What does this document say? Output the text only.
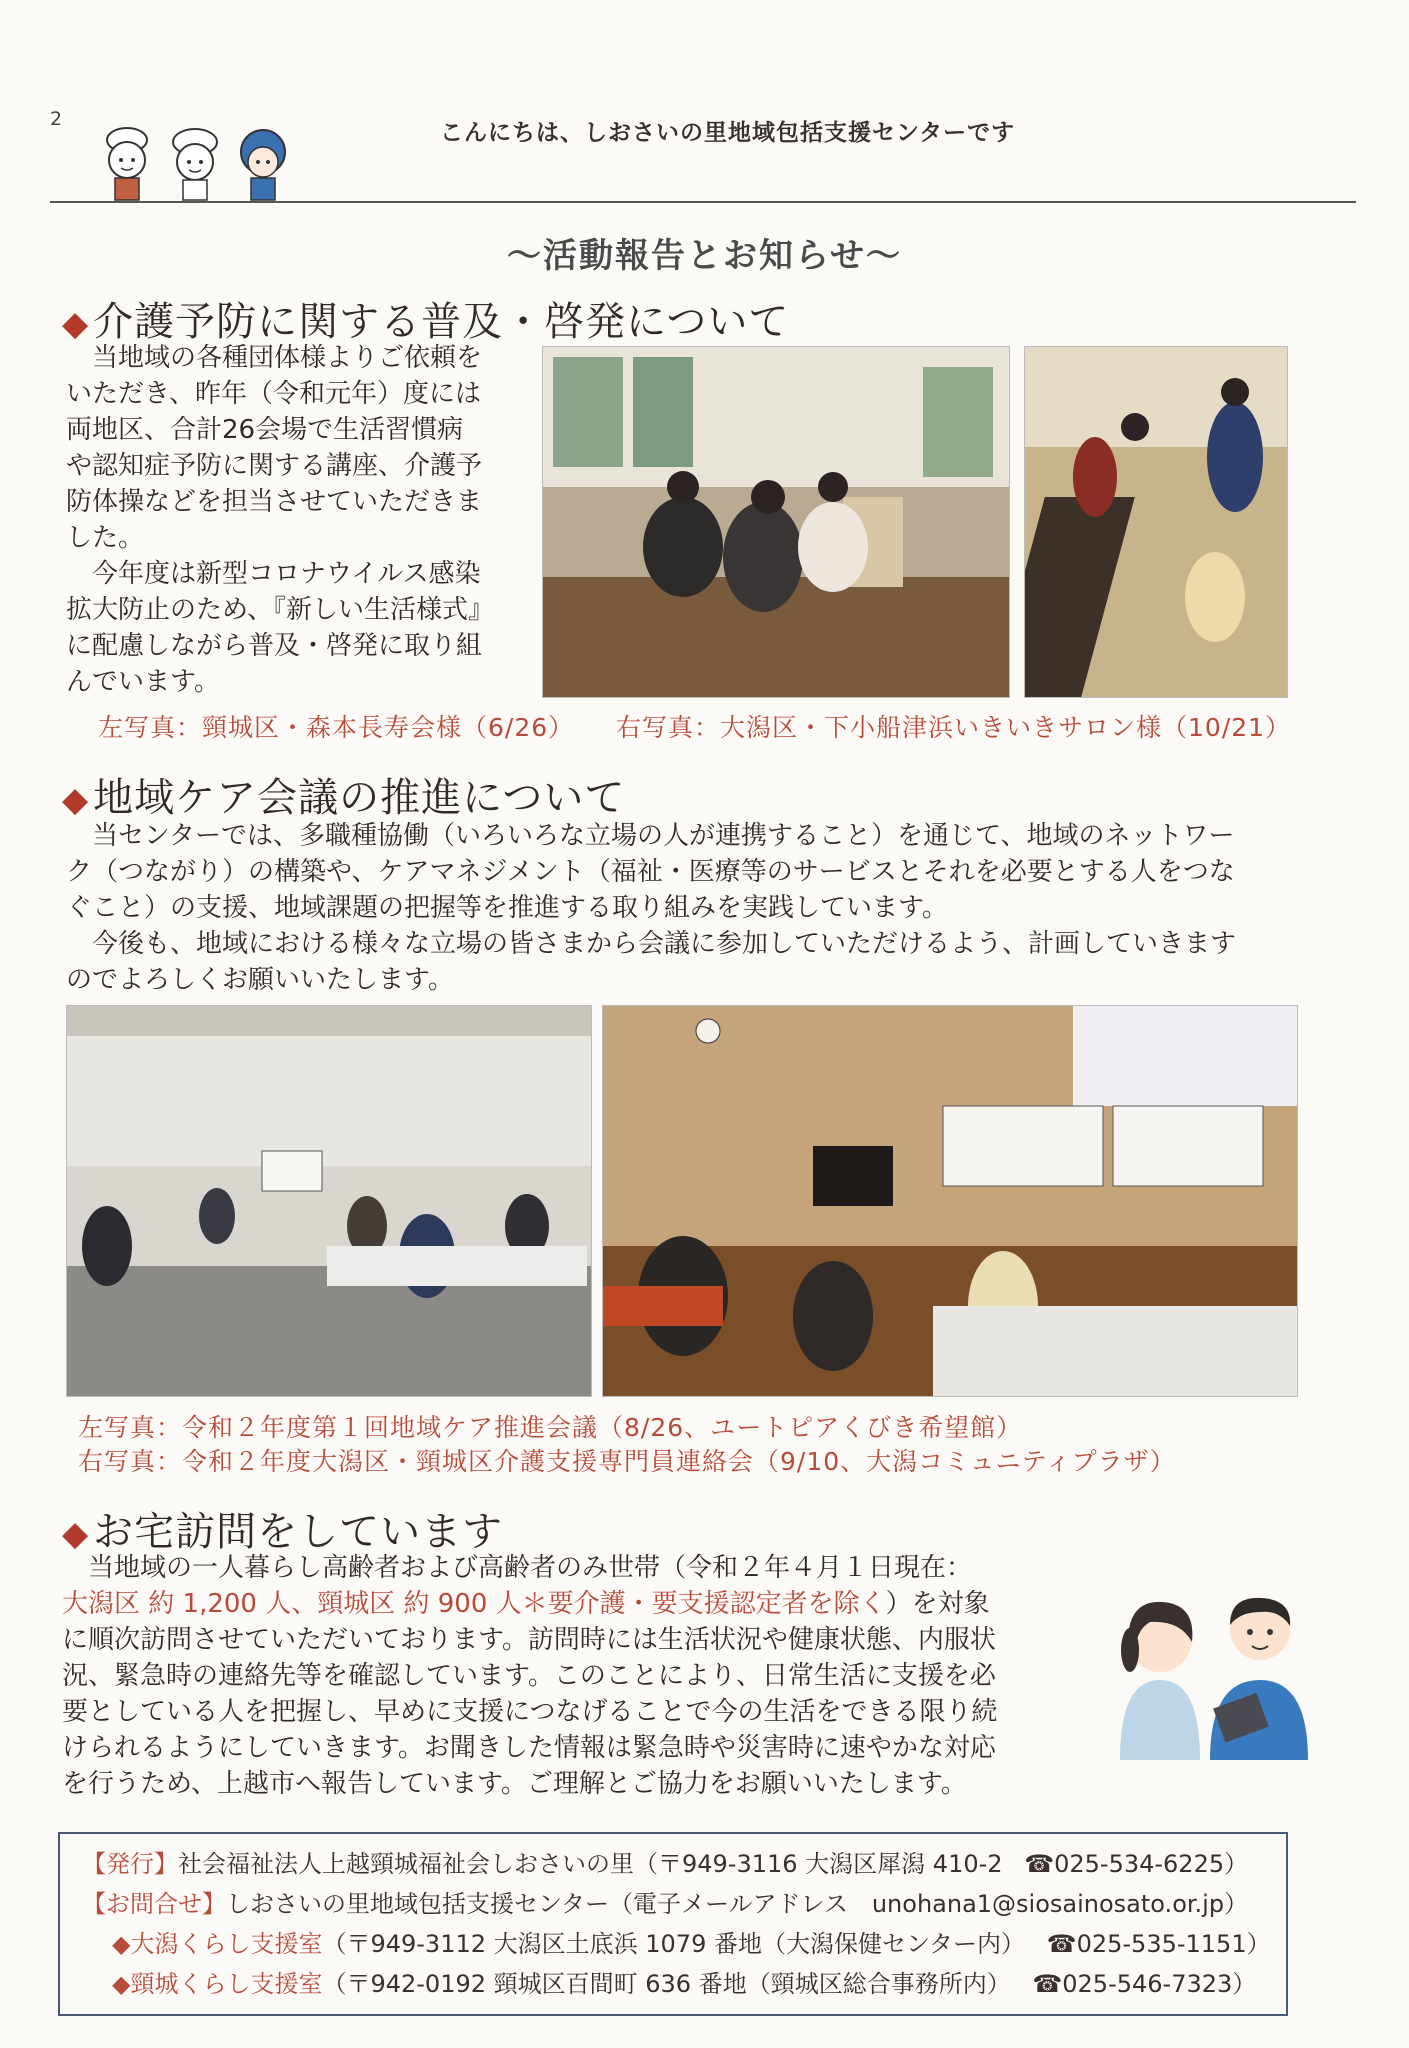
2
こんにちは、しおさいの里地域包括支援センターです
～活動報告とお知らせ～
◆ 介護予防に関する普及・啓発について
当地域の各種団体様よりご依頼を
いただき、昨年（令和元年）度には
両地区、合計26会場で生活習慣病
や認知症予防に関する講座、介護予
防体操などを担当させていただきま
した。
今年度は新型コロナウイルス感染
拡大防止のため、『新しい生活様式』
に配慮しながら普及・啓発に取り組
んでいます。
左写真：頸城区・森本長寿会様（6/26） 右写真：大潟区・下小船津浜いきいきサロン様（10/21）
◆ 地域ケア会議の推進について
当センターでは、多職種協働（いろいろな立場の人が連携すること）を通じて、地域のネットワー
ク（つながり）の構築や、ケアマネジメント（福祉・医療等のサービスとそれを必要とする人をつな
ぐこと）の支援、地域課題の把握等を推進する取り組みを実践しています。
今後も、地域における様々な立場の皆さまから会議に参加していただけるよう、計画していきます
のでよろしくお願いいたします。
左写真：令和２年度第１回地域ケア推進会議（8/26、ユートピアくびき希望館）
右写真：令和２年度大潟区・頸城区介護支援専門員連絡会（9/10、大潟コミュニティプラザ）
◆ お宅訪問をしています
当地域の一人暮らし高齢者および高齢者のみ世帯（令和２年４月１日現在：
大潟区 約 1,200 人、頸城区 約 900 人＊要介護・要支援認定者を除く）を対象
に順次訪問させていただいております。訪問時には生活状況や健康状態、内服状
況、緊急時の連絡先等を確認しています。このことにより、日常生活に支援を必
要としている人を把握し、早めに支援につなげることで今の生活をできる限り続
けられるようにしていきます。お聞きした情報は緊急時や災害時に速やかな対応
を行うため、上越市へ報告しています。ご理解とご協力をお願いいたします。
【発行】社会福祉法人上越頸城福祉会しおさいの里（〒949-3116 大潟区犀潟 410-2 ☎025-534-6225）
【お問合せ】しおさいの里地域包括支援センター（電子メールアドレス　unohana1@siosainosato.or.jp）
◆大潟くらし支援室（〒949-3112 大潟区土底浜 1079 番地（大潟保健センター内） ☎025-535-1151）
◆頸城くらし支援室（〒942-0192 頸城区百間町 636 番地（頸城区総合事務所内） ☎025-546-7323）
